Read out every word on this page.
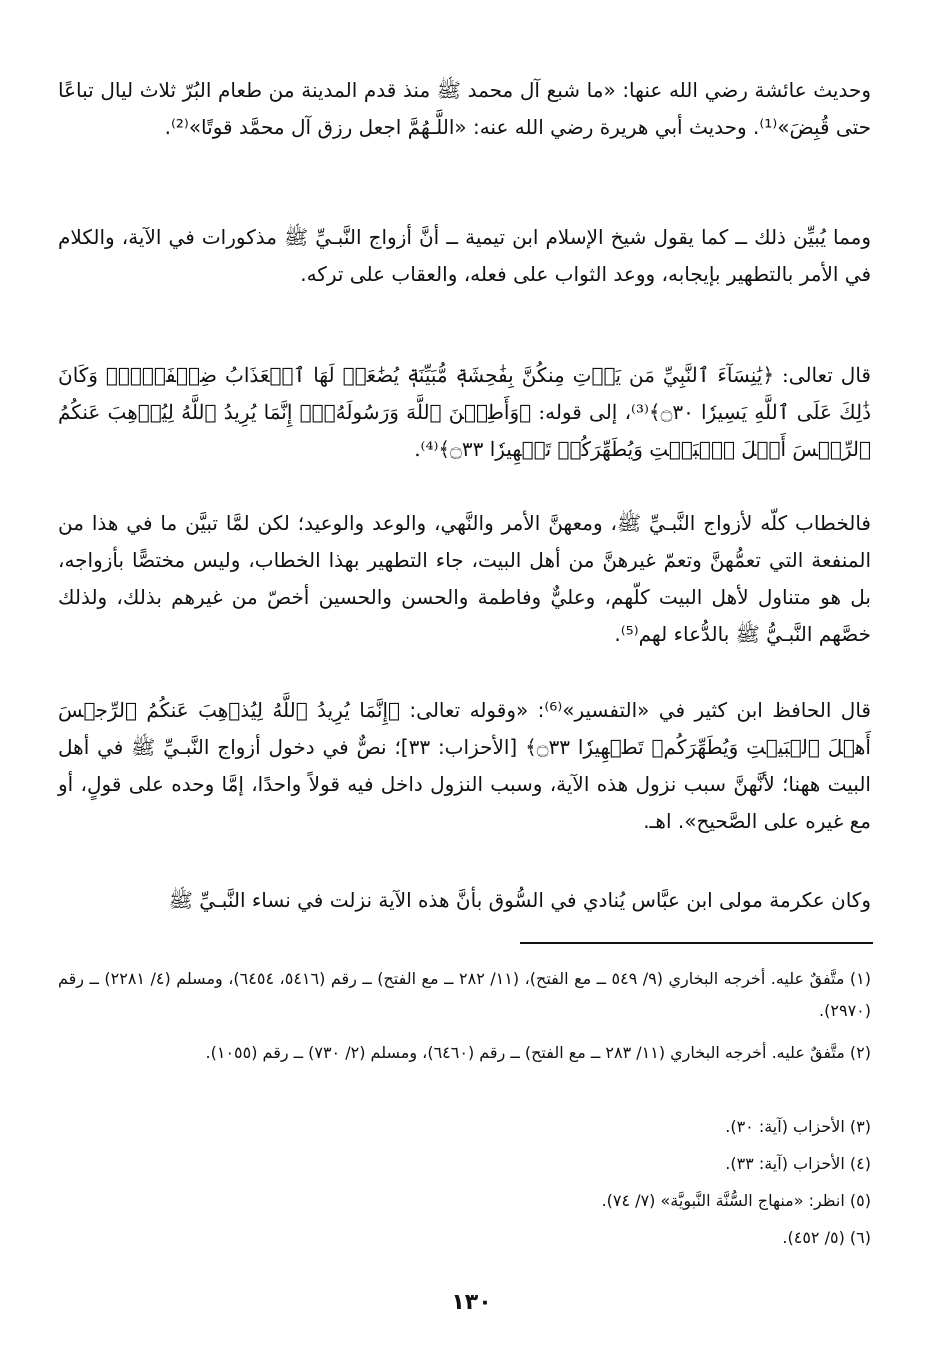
وحديث عائشة رضي الله عنها: «ما شبع آل محمد ﷺ منذ قدم المدينة من طعام البُرّ ثلاث ليال تباعًا حتى قُبِضَ»⁽¹⁾. وحديث أبي هريرة رضي الله عنه: «اللَّـهُمَّ اجعل رزق آل محمَّد قوتًا»⁽²⁾.

ومما يُبيِّن ذلك ــ كما يقول شيخ الإسلام ابن تيمية ــ أنَّ أزواج النَّبـيِّ ﷺ مذكورات في الآية، والكلام في الأمر بالتطهير بإيجابه، ووعد الثواب على فعله، والعقاب على تركه.

قال تعالى: ﴿يَٰنِسَآءَ ٱلنَّبِيِّ مَن يَأۡتِ مِنكُنَّ بِفَٰحِشَةٖ مُّبَيِّنَةٖ يُضَٰعَفۡ لَهَا ٱلۡعَذَابُ ضِعۡفَيۡنِۚ وَكَانَ ذَٰلِكَ عَلَى ٱللَّهِ يَسِيرٗا ۝٣٠﴾⁽³⁾، إلى قوله: ﴿وَأَطِعۡنَ ٱللَّهَ وَرَسُولَهُۥٓۚ إِنَّمَا يُرِيدُ ٱللَّهُ لِيُذۡهِبَ عَنكُمُ ٱلرِّجۡسَ أَهۡلَ ٱلۡبَيۡتِ وَيُطَهِّرَكُمۡ تَطۡهِيرٗا ۝٣٣﴾⁽⁴⁾.

فالخطاب كلّه لأزواج النَّبـيِّ ﷺ، ومعهنَّ الأمر والنَّهي، والوعد والوعيد؛ لكن لمَّا تبيَّن ما في هذا من المنفعة التي تعمُّهنَّ وتعمّ غيرهنَّ من أهل البيت، جاء التطهير بهذا الخطاب، وليس مختصًّا بأزواجه، بل هو متناول لأهل البيت كلّهم، وعليٌّ وفاطمة والحسن والحسين أخصّ من غيرهم بذلك، ولذلك خصَّهم النَّبـيُّ ﷺ بالدُّعاء لهم⁽⁵⁾.

قال الحافظ ابن كثير في «التفسير»⁽⁶⁾: «وقوله تعالى: ﴿إِنَّمَا يُرِيدُ ٱللَّهُ لِيُذۡهِبَ عَنكُمُ ٱلرِّجۡسَ أَهۡلَ ٱلۡبَيۡتِ وَيُطَهِّرَكُمۡ تَطۡهِيرٗا ۝٣٣﴾ [الأحزاب: ٣٣]؛ نصٌّ في دخول أزواج النَّبـيِّ ﷺ في أهل البيت ههنا؛ لأنَّهنَّ سبب نزول هذه الآية، وسبب النزول داخل فيه قولاً واحدًا، إمَّا وحده على قولٍ، أو مع غيره على الصَّحيح». اهـ.

وكان عكرمة مولى ابن عبَّاس يُنادي في السُّوق بأنَّ هذه الآية نزلت في نساء النَّبـيِّ ﷺ

(١) متَّفقٌ عليه. أخرجه البخاري (٩/ ٥٤٩ ــ مع الفتح)، (١١/ ٢٨٢ ــ مع الفتح) ــ رقم (٥٤١٦، ٦٤٥٤)، ومسلم (٤/ ٢٢٨١) ــ رقم (٢٩٧٠).

(٢) متَّفقٌ عليه. أخرجه البخاري (١١/ ٢٨٣ ــ مع الفتح) ــ رقم (٦٤٦٠)، ومسلم (٢/ ٧٣٠) ــ رقم (١٠٥٥).

(٣) الأحزاب (آية: ٣٠).

(٤) الأحزاب (آية: ٣٣).

(٥) انظر: «منهاج السُّنَّة النَّبويَّة» (٧/ ٧٤).

(٦) (٥/ ٤٥٢).

١٣٠
